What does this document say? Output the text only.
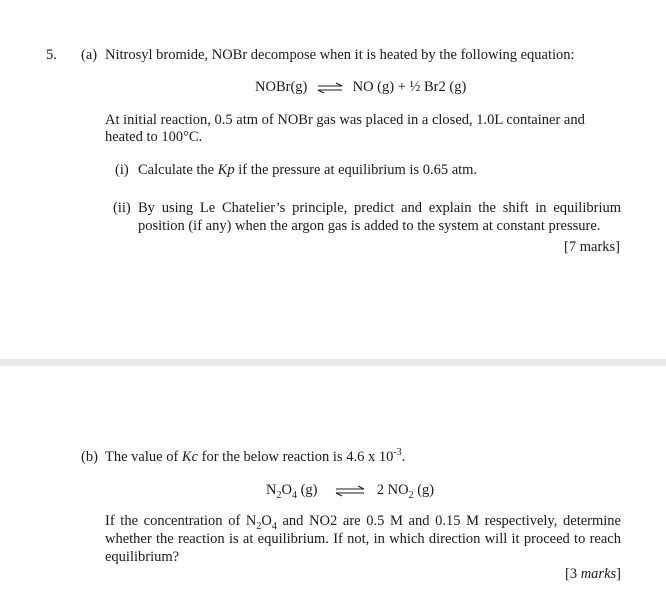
5. (a) Nitrosyl bromide, NOBr decompose when it is heated by the following equation:
NOBr(g) ⇌ NO (g) + ½ Br2 (g)
At initial reaction, 0.5 atm of NOBr gas was placed in a closed, 1.0L container and
heated to 100°C.
(i) Calculate the Kp if the pressure at equilibrium is 0.65 atm.
(ii) By using Le Chatelier’s principle, predict and explain the shift in equilibrium position (if any) when the argon gas is added to the system at constant pressure.
[7 marks]
(b) The value of Kc for the below reaction is 4.6 x $10^{-3}$.
$N_2O_4$ (g) ⇌ 2 $NO_2$ (g)
If the concentration of $N_2O_4$ and NO2 are 0.5 M and 0.15 M respectively, determine whether the reaction is at equilibrium. If not, in which direction will it proceed to reach equilibrium?
[3 marks]
